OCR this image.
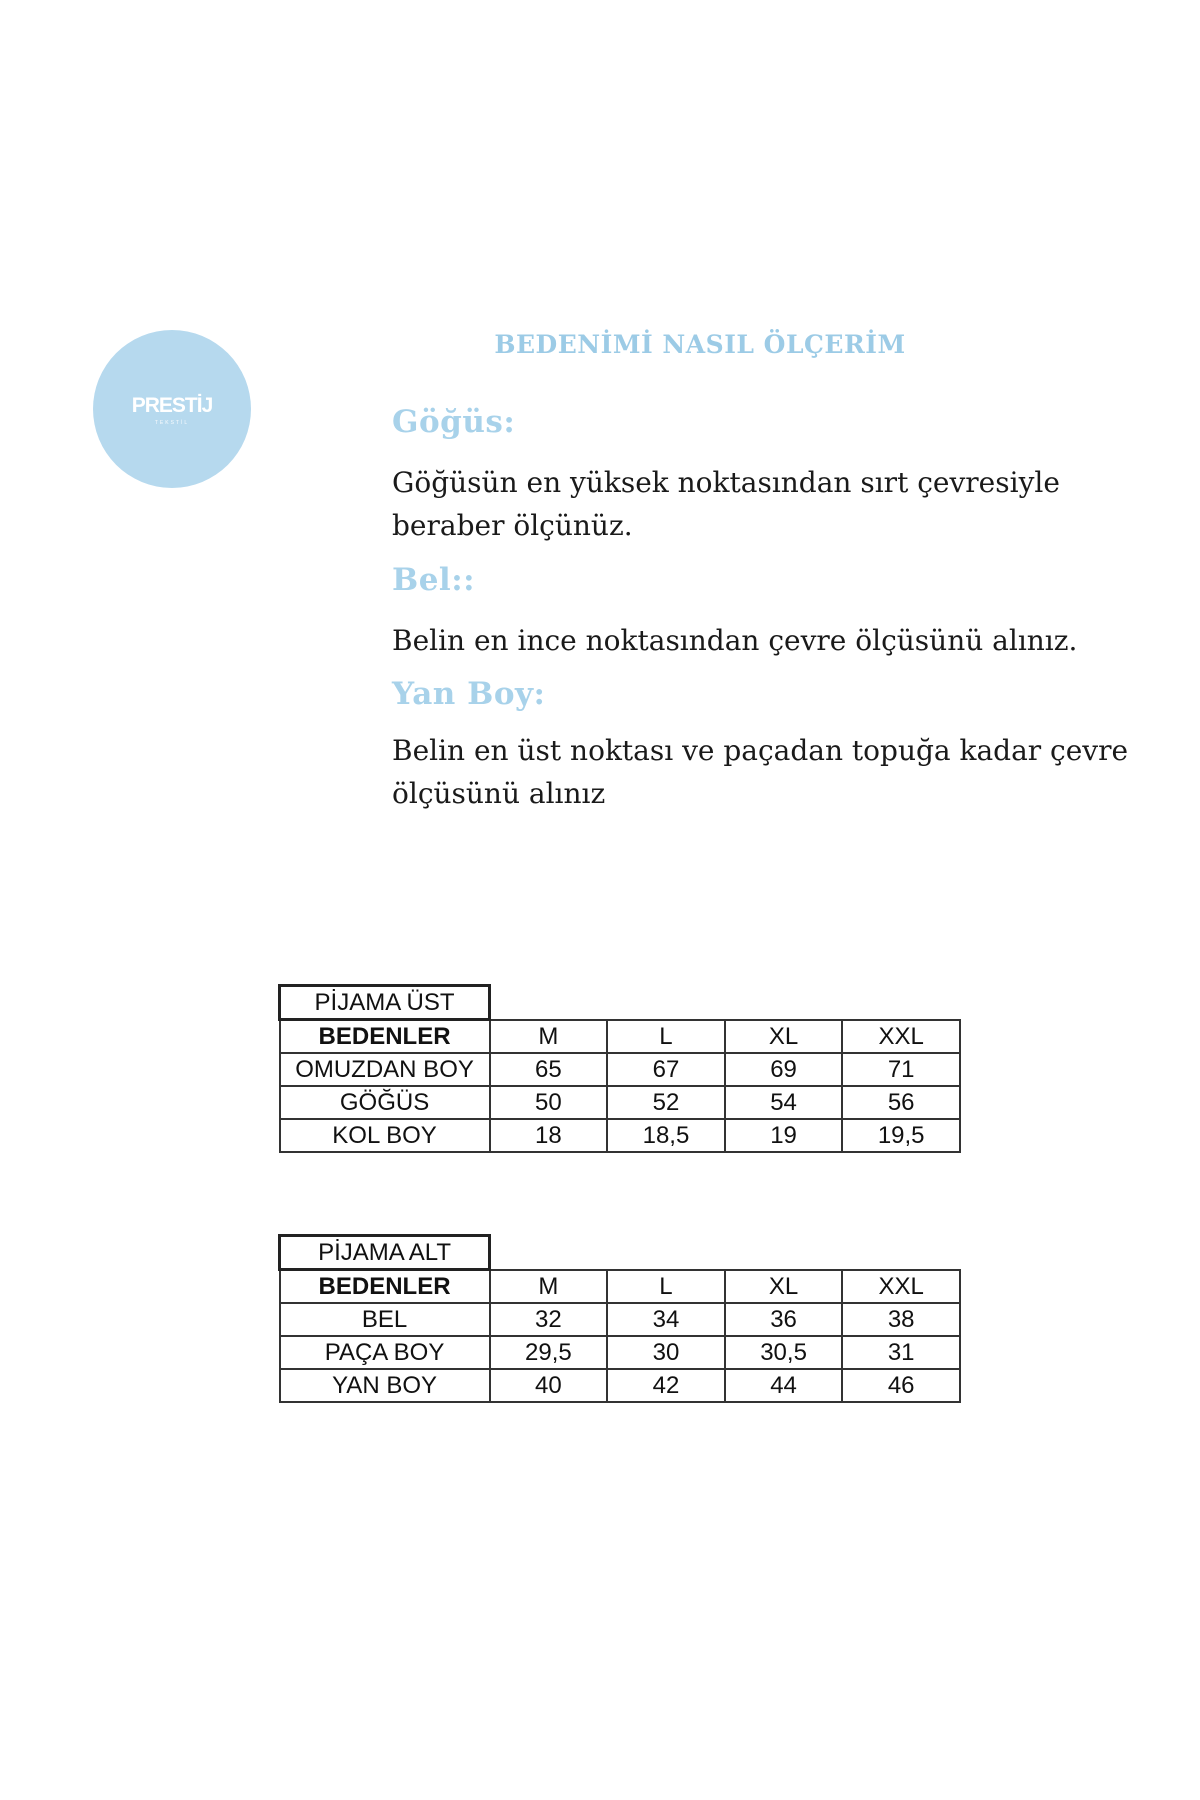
PRESTİJ
TEKSTİL
BEDENİMİ NASIL ÖLÇERİM
Göğüs:

Göğüsün en yüksek noktasından sırt çevresiyle beraber ölçünüz.

Bel::

Belin en ince noktasından çevre ölçüsünü alınız.

Yan Boy:

Belin en üst noktası ve paçadan topuğa kadar çevre ölçüsünü alınız

PİJAMA ÜST				
BEDENLER	M	L	XL	XXL
OMUZDAN BOY	65	67	69	71
GÖĞÜS	50	52	54	56
KOL BOY	18	18,5	19	19,5
PİJAMA ALT				
BEDENLER	M	L	XL	XXL
BEL	32	34	36	38
PAÇA BOY	29,5	30	30,5	31
YAN BOY	40	42	44	46
